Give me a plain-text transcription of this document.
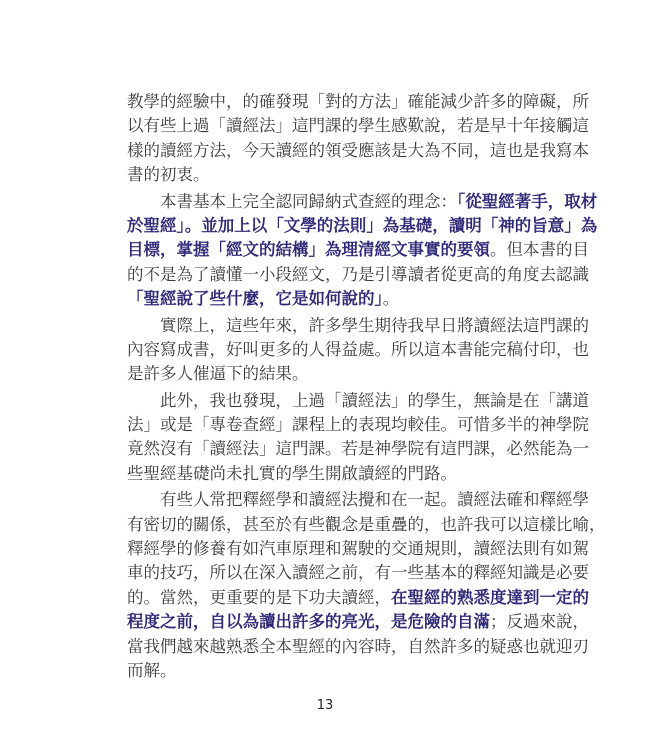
教學的經驗中，的確發現「對的方法」確能減少許多的障礙，所
以有些上過「讀經法」這門課的學生感歎說，若是早十年接觸這
樣的讀經方法，今天讀經的領受應該是大為不同，這也是我寫本
書的初衷。
　　本書基本上完全認同歸納式查經的理念：「從聖經著手，取材
於聖經」。並加上以「文學的法則」為基礎，讀明「神的旨意」為
目標，掌握「經文的結構」為理清經文事實的要領。但本書的目
的不是為了讀懂一小段經文，乃是引導讀者從更高的角度去認識
「聖經說了些什麼，它是如何說的」。
　　實際上，這些年來，許多學生期待我早日將讀經法這門課的
內容寫成書，好叫更多的人得益處。所以這本書能完稿付印，也
是許多人催逼下的結果。
　　此外，我也發現，上過「讀經法」的學生，無論是在「講道
法」或是「專卷查經」課程上的表現均較佳。可惜多半的神學院
竟然沒有「讀經法」這門課。若是神學院有這門課，必然能為一
些聖經基礎尚未扎實的學生開啟讀經的門路。
　　有些人常把釋經學和讀經法攪和在一起。讀經法確和釋經學
有密切的關係，甚至於有些觀念是重疊的，也許我可以這樣比喻，
釋經學的修養有如汽車原理和駕駛的交通規則，讀經法則有如駕
車的技巧，所以在深入讀經之前，有一些基本的釋經知識是必要
的。當然，更重要的是下功夫讀經，在聖經的熟悉度達到一定的
程度之前，自以為讀出許多的亮光，是危險的自滿；反過來說，
當我們越來越熟悉全本聖經的內容時，自然許多的疑惑也就迎刃
而解。
13
